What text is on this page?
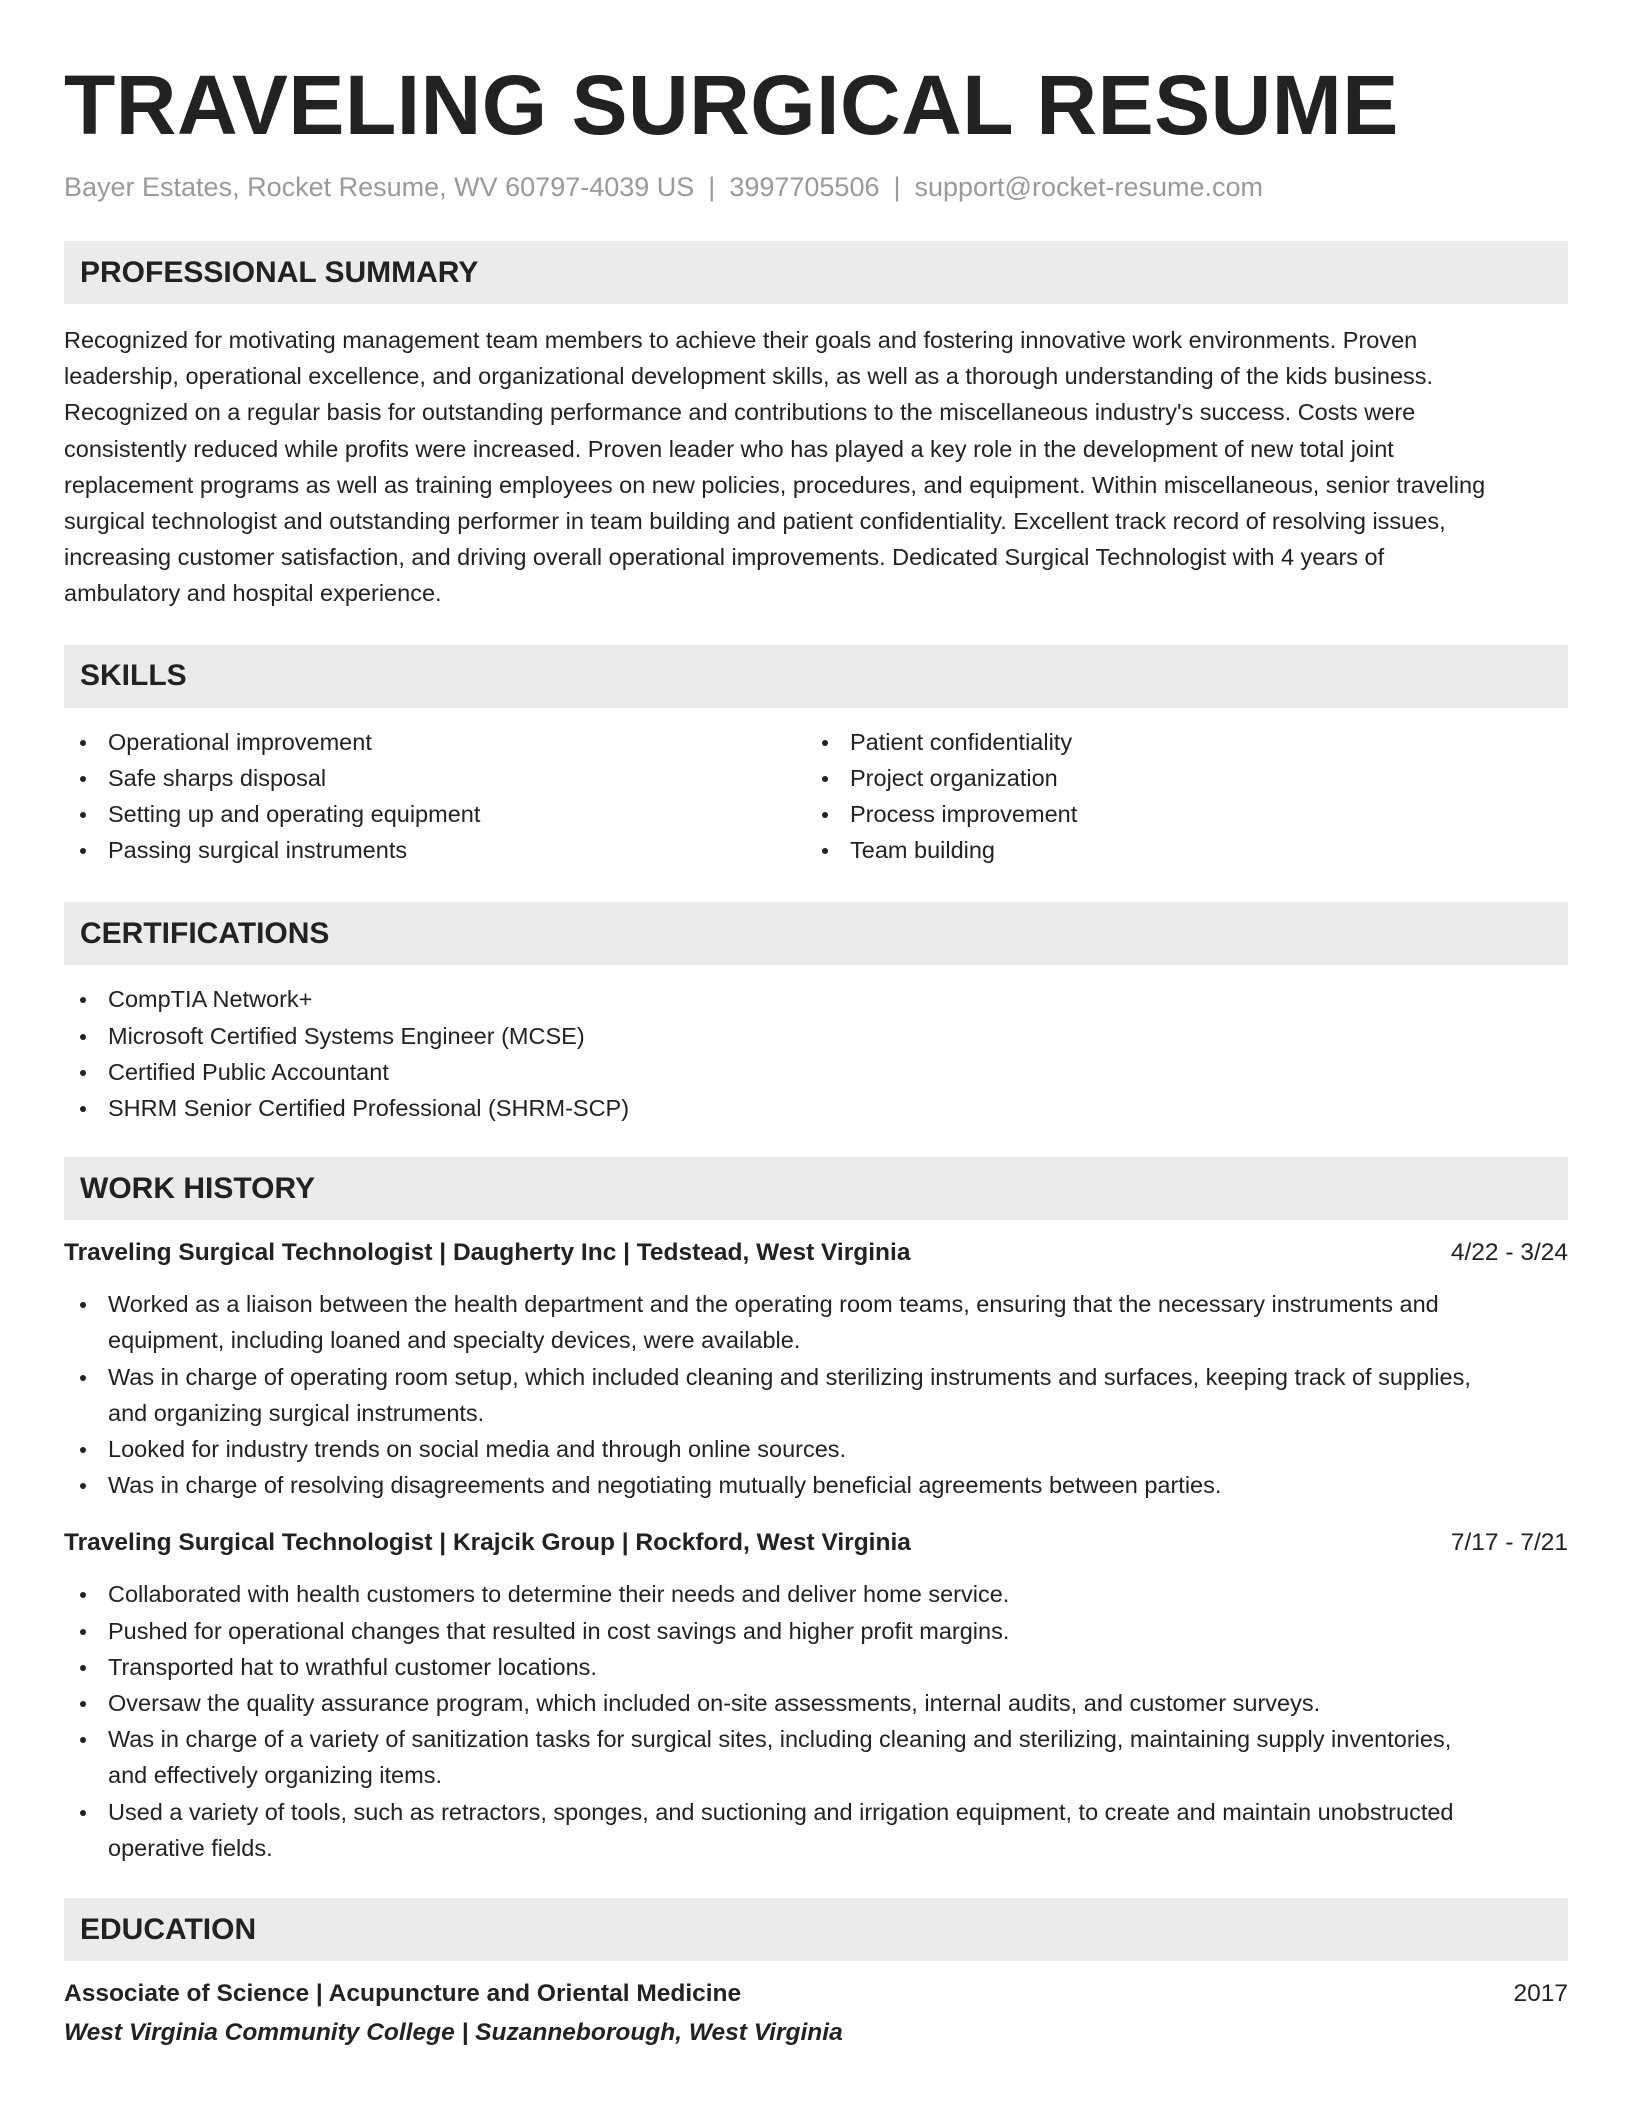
TRAVELING SURGICAL RESUME
Bayer Estates, Rocket Resume, WV 60797-4039 US | 3997705506 | support@rocket-resume.com
PROFESSIONAL SUMMARY
Recognized for motivating management team members to achieve their goals and fostering innovative work environments. Proven
leadership, operational excellence, and organizational development skills, as well as a thorough understanding of the kids business.
Recognized on a regular basis for outstanding performance and contributions to the miscellaneous industry's success. Costs were
consistently reduced while profits were increased. Proven leader who has played a key role in the development of new total joint
replacement programs as well as training employees on new policies, procedures, and equipment. Within miscellaneous, senior traveling
surgical technologist and outstanding performer in team building and patient confidentiality. Excellent track record of resolving issues,
increasing customer satisfaction, and driving overall operational improvements. Dedicated Surgical Technologist with 4 years of
ambulatory and hospital experience.
SKILLS
Operational improvement
Safe sharps disposal
Setting up and operating equipment
Passing surgical instruments
Patient confidentiality
Project organization
Process improvement
Team building
CERTIFICATIONS
CompTIA Network+
Microsoft Certified Systems Engineer (MCSE)
Certified Public Accountant
SHRM Senior Certified Professional (SHRM-SCP)
WORK HISTORY
Traveling Surgical Technologist | Daugherty Inc | Tedstead, West Virginia	4/22 - 3/24
Worked as a liaison between the health department and the operating room teams, ensuring that the necessary instruments and
equipment, including loaned and specialty devices, were available.
Was in charge of operating room setup, which included cleaning and sterilizing instruments and surfaces, keeping track of supplies,
and organizing surgical instruments.
Looked for industry trends on social media and through online sources.
Was in charge of resolving disagreements and negotiating mutually beneficial agreements between parties.
Traveling Surgical Technologist | Krajcik Group | Rockford, West Virginia	7/17 - 7/21
Collaborated with health customers to determine their needs and deliver home service.
Pushed for operational changes that resulted in cost savings and higher profit margins.
Transported hat to wrathful customer locations.
Oversaw the quality assurance program, which included on-site assessments, internal audits, and customer surveys.
Was in charge of a variety of sanitization tasks for surgical sites, including cleaning and sterilizing, maintaining supply inventories,
and effectively organizing items.
Used a variety of tools, such as retractors, sponges, and suctioning and irrigation equipment, to create and maintain unobstructed
operative fields.
EDUCATION
Associate of Science | Acupuncture and Oriental Medicine	2017
West Virginia Community College | Suzanneborough, West Virginia
